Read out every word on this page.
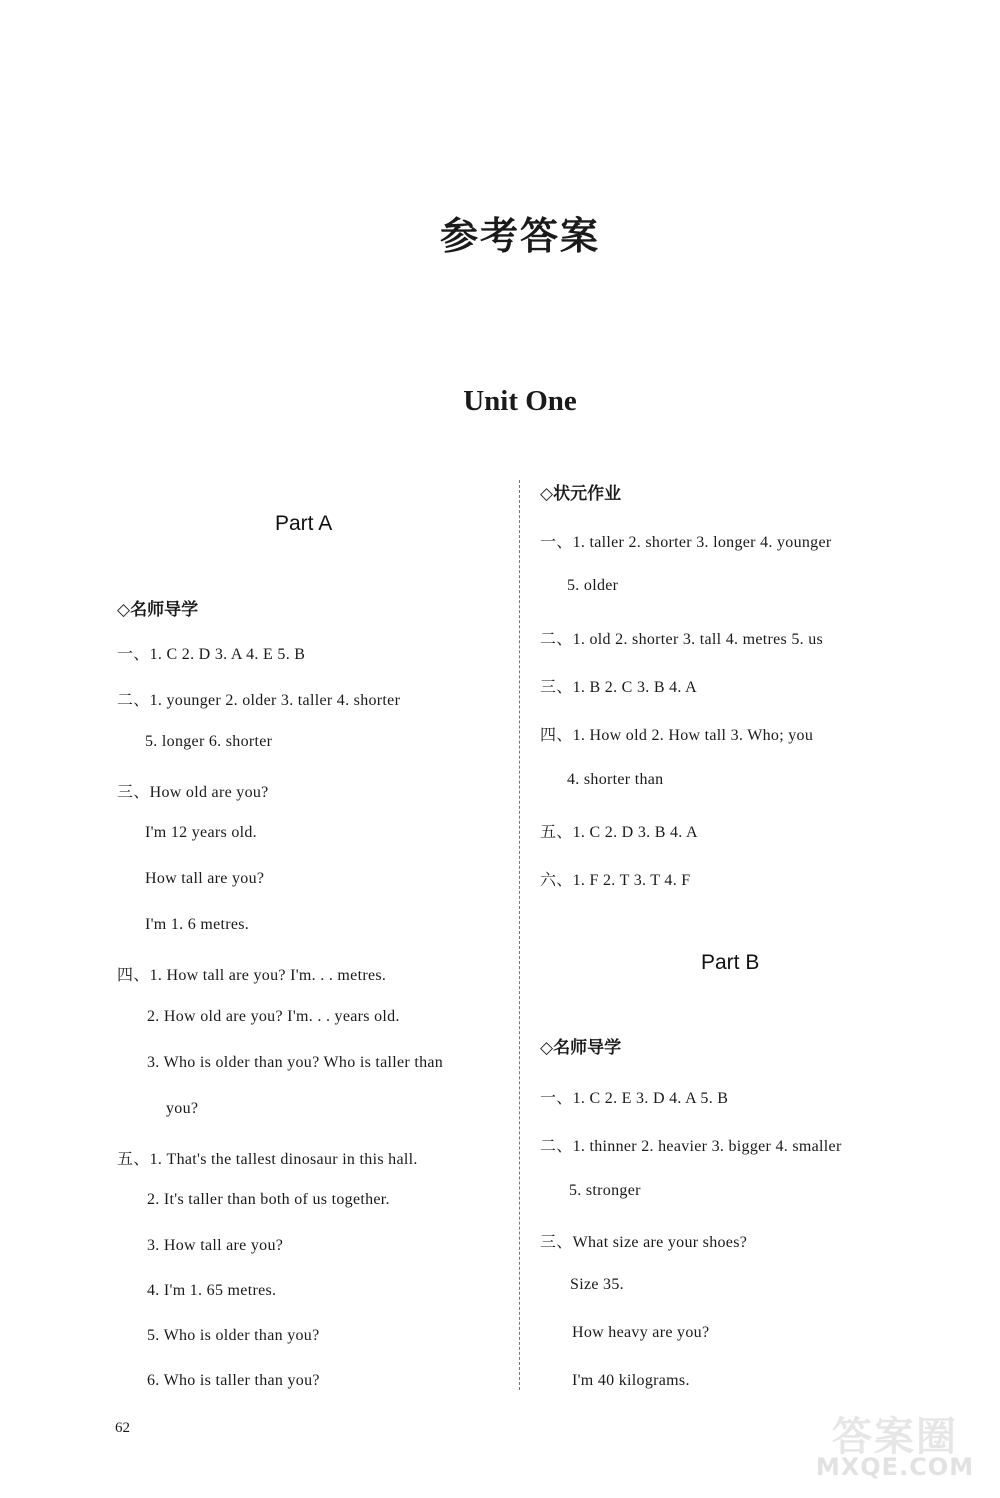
参考答案
Unit One
Part A
◇名师导学
一、1. C 2. D 3. A 4. E 5. B
二、1. younger 2. older 3. taller 4. shorter
5. longer 6. shorter
三、How old are you?
I'm 12 years old.
How tall are you?
I'm 1. 6 metres.
四、1. How tall are you? I'm. . . metres.
2. How old are you? I'm. . . years old.
3. Who is older than you? Who is taller than
you?
五、1. That's the tallest dinosaur in this hall.
2. It's taller than both of us together.
3. How tall are you?
4. I'm 1. 65 metres.
5. Who is older than you?
6. Who is taller than you?
◇状元作业
一、1. taller 2. shorter 3. longer 4. younger
5. older
二、1. old 2. shorter 3. tall 4. metres 5. us
三、1. B 2. C 3. B 4. A
四、1. How old 2. How tall 3. Who; you
4. shorter than
五、1. C 2. D 3. B 4. A
六、1. F 2. T 3. T 4. F
Part B
◇名师导学
一、1. C 2. E 3. D 4. A 5. B
二、1. thinner 2. heavier 3. bigger 4. smaller
5. stronger
三、What size are your shoes?
Size 35.
How heavy are you?
I'm 40 kilograms.
62	答案圈
MXQE.COM
